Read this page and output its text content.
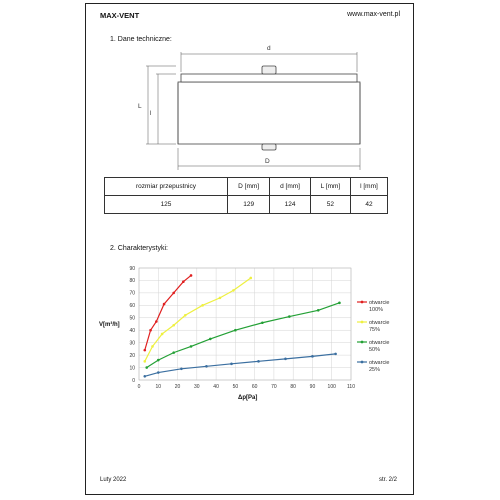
MAX-VENT	www.max-vent.pl
1. Dane techniczne:
d
D
L
l
rozmiar przepustnicy	D [mm]	d [mm]	L [mm]	l [mm]
125	129	124	52	42
2. Charakterystyki:
0
10
20
30
40
50
60
70
80
90
0	10	20	30	40	50	60	70	80	90 100 110
otwarcie
100%
otwarcie
75%
otwarcie
50%
otwarcie
25%
V[m³/h]
Δp[Pa]
Luty 2022	str. 2/2
